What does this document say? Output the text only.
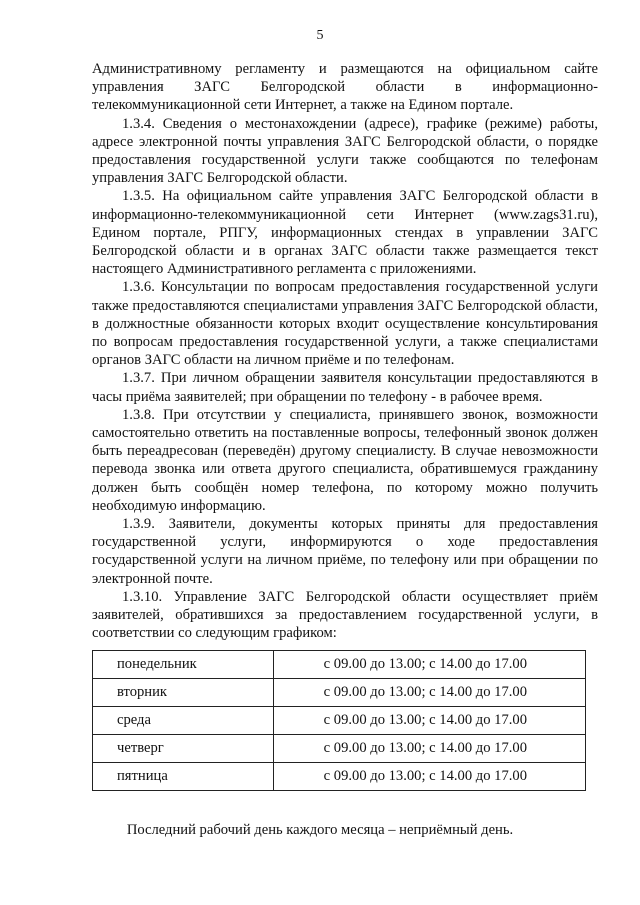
5

Административному регламенту и размещаются на официальном сайте управления ЗАГС Белгородской области в информационно-телекоммуникационной сети Интернет, а также на Едином портале.

1.3.4. Сведения о местонахождении (адресе), графике (режиме) работы, адресе электронной почты управления ЗАГС Белгородской области, о порядке предоставления государственной услуги также сообщаются по телефонам управления ЗАГС Белгородской области.

1.3.5. На официальном сайте управления ЗАГС Белгородской области в информационно-телекоммуникационной сети Интернет (www.zags31.ru), Едином портале, РПГУ, информационных стендах в управлении ЗАГС Белгородской области и в органах ЗАГС области также размещается текст настоящего Административного регламента с приложениями.

1.3.6. Консультации по вопросам предоставления государственной услуги также предоставляются специалистами управления ЗАГС Белгородской области, в должностные обязанности которых входит осуществление консультирования по вопросам предоставления государственной услуги, а также специалистами органов ЗАГС области на личном приёме и по телефонам.

1.3.7. При личном обращении заявителя консультации предоставляются в часы приёма заявителей; при обращении по телефону - в рабочее время.

1.3.8. При отсутствии у специалиста, принявшего звонок, возможности самостоятельно ответить на поставленные вопросы, телефонный звонок должен быть переадресован (переведён) другому специалисту. В случае невозможности перевода звонка или ответа другого специалиста, обратившемуся гражданину должен быть сообщён номер телефона, по которому можно получить необходимую информацию.

1.3.9. Заявители, документы которых приняты для предоставления государственной услуги, информируются о ходе предоставления государственной услуги на личном приёме, по телефону или при обращении по электронной почте.

1.3.10. Управление ЗАГС Белгородской области осуществляет приём заявителей, обратившихся за предоставлением государственной услуги, в соответствии со следующим графиком:

понедельник	с 09.00 до 13.00; с 14.00 до 17.00
вторник	с 09.00 до 13.00; с 14.00 до 17.00
среда	с 09.00 до 13.00; с 14.00 до 17.00
четверг	с 09.00 до 13.00; с 14.00 до 17.00
пятница	с 09.00 до 13.00; с 14.00 до 17.00
Последний рабочий день каждого месяца – неприёмный день.
